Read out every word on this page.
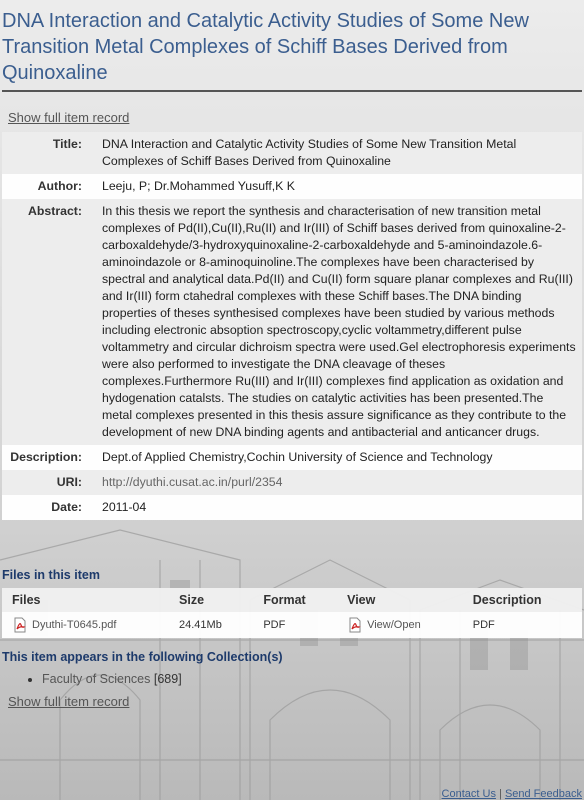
DNA Interaction and Catalytic Activity Studies of Some New Transition Metal Complexes of Schiff Bases Derived from Quinoxaline
Show full item record
Title:	DNA Interaction and Catalytic Activity Studies of Some New Transition Metal Complexes of Schiff Bases Derived from Quinoxaline
Author:	Leeju, P; Dr.Mohammed Yusuff,K K
Abstract:	In this thesis we report the synthesis and characterisation of new transition metal complexes of Pd(II),Cu(II),Ru(II) and Ir(III) of Schiff bases derived from quinoxaline-2-carboxaldehyde/3-hydroxyquinoxaline-2-carboxaldehyde and 5-aminoindazole.6-aminoindazole or 8-aminoquinoline.The complexes have been characterised by spectral and analytical data.Pd(II) and Cu(II) form square planar complexes and Ru(III) and Ir(III) form ctahedral complexes with these Schiff bases.The DNA binding properties of theses synthesised complexes have been studied by various methods including electronic absoption spectroscopy,cyclic voltammetry,different pulse voltammetry and circular dichroism spectra were used.Gel electrophoresis experiments were also performed to investigate the DNA cleavage of theses complexes.Furthermore Ru(III) and Ir(III) complexes find application as oxidation and hydogenation catalsts. The studies on catalytic activities has been presented.The metal complexes presented in this thesis assure significance as they contribute to the development of new DNA binding agents and antibacterial and anticancer drugs.
Description:	Dept.of Applied Chemistry,Cochin University of Science and Technology
URI:	http://dyuthi.cusat.ac.in/purl/2354
Date:	2011-04
Files in this item
Files	Size	Format	View	Description
Dyuthi-T0645.pdf	24.41Mb	PDF	View/Open	PDF
This item appears in the following Collection(s)
• Faculty of Sciences [689]
Show full item record
Contact Us | Send Feedback
